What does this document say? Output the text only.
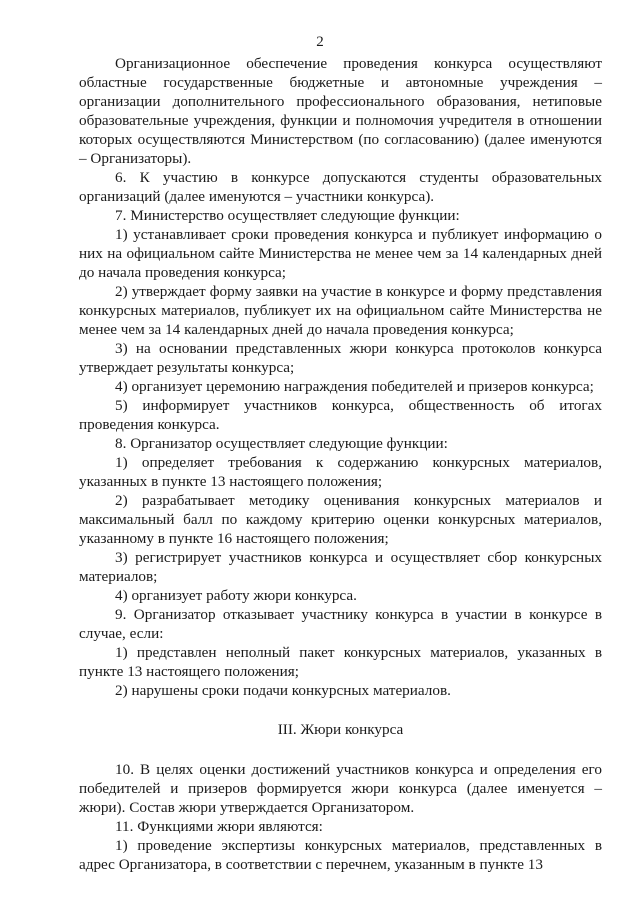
2

Организационное обеспечение проведения конкурса осуществляют областные государственные бюджетные и автономные учреждения – организации дополнительного профессионального образования, нетиповые образовательные учреждения, функции и полномочия учредителя в отношении которых осуществляются Министерством (по согласованию) (далее именуются – Организаторы).

6. К участию в конкурсе допускаются студенты образовательных организаций (далее именуются – участники конкурса).

7. Министерство осуществляет следующие функции:

1) устанавливает сроки проведения конкурса и публикует информацию о них на официальном сайте Министерства не менее чем за 14 календарных дней до начала проведения конкурса;

2) утверждает форму заявки на участие в конкурсе и форму представления конкурсных материалов, публикует их на официальном сайте Министерства не менее чем за 14 календарных дней до начала проведения конкурса;

3) на основании представленных жюри конкурса протоколов конкурса утверждает результаты конкурса;

4) организует церемонию награждения победителей и призеров конкурса;

5) информирует участников конкурса, общественность об итогах проведения конкурса.

8. Организатор осуществляет следующие функции:

1) определяет требования к содержанию конкурсных материалов, указанных в пункте 13 настоящего положения;

2) разрабатывает методику оценивания конкурсных материалов и максимальный балл по каждому критерию оценки конкурсных материалов, указанному в пункте 16 настоящего положения;

3) регистрирует участников конкурса и осуществляет сбор конкурсных материалов;

4) организует работу жюри конкурса.

9. Организатор отказывает участнику конкурса в участии в конкурсе в случае, если:

1) представлен неполный пакет конкурсных материалов, указанных в пункте 13 настоящего положения;

2) нарушены сроки подачи конкурсных материалов.

III. Жюри конкурса

10. В целях оценки достижений участников конкурса и определения его победителей и призеров формируется жюри конкурса (далее именуется – жюри). Состав жюри утверждается Организатором.

11. Функциями жюри являются:

1) проведение экспертизы конкурсных материалов, представленных в адрес Организатора, в соответствии с перечнем, указанным в пункте 13
